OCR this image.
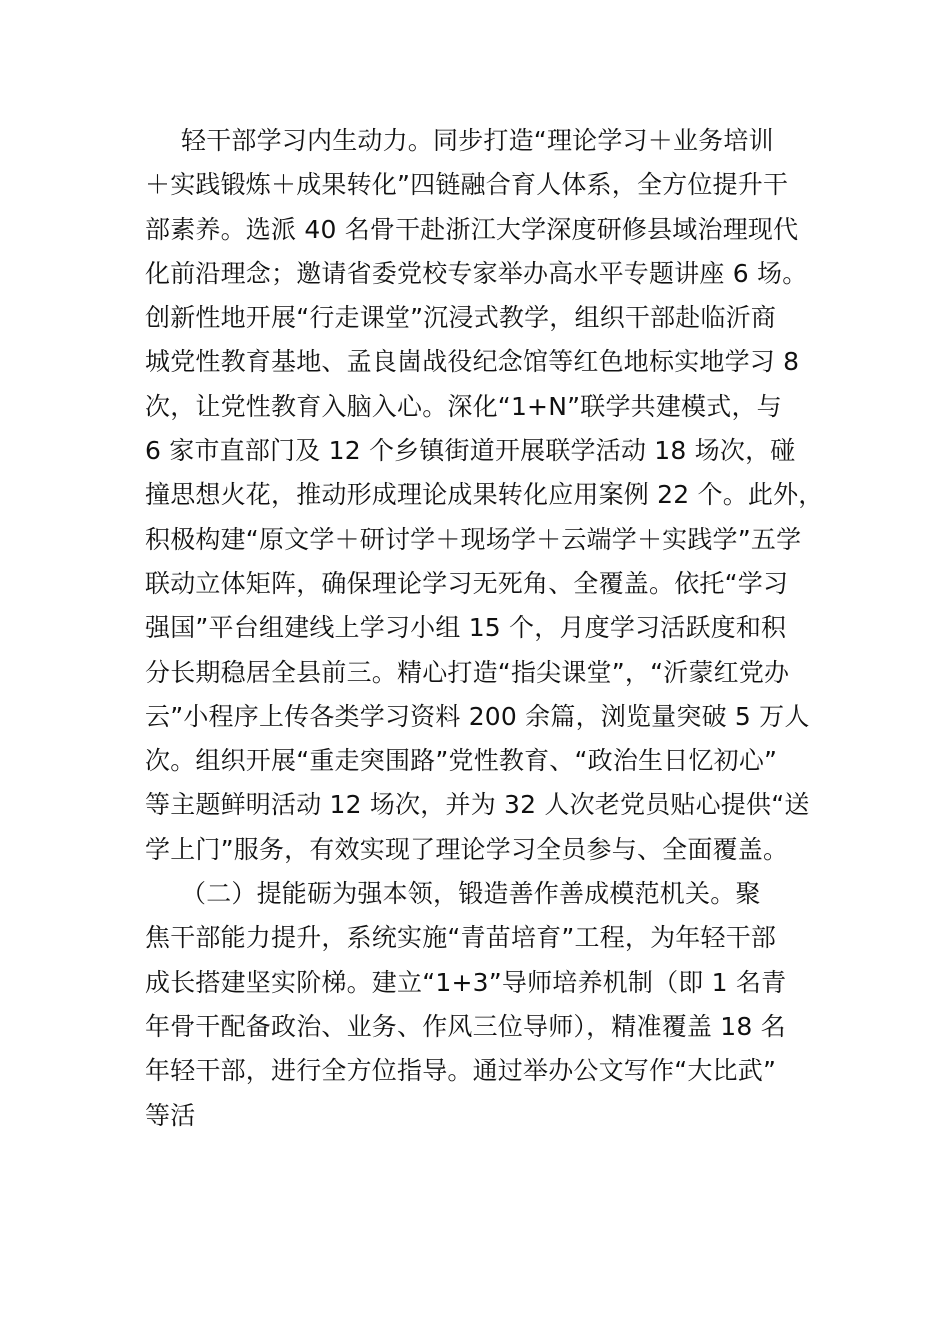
轻干部学习内生动力。同步打造“理论学习＋业务培训
＋实践锻炼＋成果转化”四链融合育人体系，全方位提升干
部素养。选派 40 名骨干赴浙江大学深度研修县域治理现代
化前沿理念；邀请省委党校专家举办高水平专题讲座 6 场。
创新性地开展“行走课堂”沉浸式教学，组织干部赴临沂商
城党性教育基地、孟良崮战役纪念馆等红色地标实地学习 8
次，让党性教育入脑入心。深化“1+N”联学共建模式，与
6 家市直部门及 12 个乡镇街道开展联学活动 18 场次，碰
撞思想火花，推动形成理论成果转化应用案例 22 个。此外，
积极构建“原文学＋研讨学＋现场学＋云端学＋实践学”五学
联动立体矩阵，确保理论学习无死角、全覆盖。依托“学习
强国”平台组建线上学习小组 15 个，月度学习活跃度和积
分长期稳居全县前三。精心打造“指尖课堂”，“沂蒙红党办
云”小程序上传各类学习资料 200 余篇，浏览量突破 5 万人
次。组织开展“重走突围路”党性教育、“政治生日忆初心”
等主题鲜明活动 12 场次，并为 32 人次老党员贴心提供“送
学上门”服务，有效实现了理论学习全员参与、全面覆盖。
（二）提能砺为强本领，锻造善作善成模范机关。聚
焦干部能力提升，系统实施“青苗培育”工程，为年轻干部
成长搭建坚实阶梯。建立“1+3”导师培养机制（即 1 名青
年骨干配备政治、业务、作风三位导师），精准覆盖 18 名
年轻干部，进行全方位指导。通过举办公文写作“大比武”
等活
